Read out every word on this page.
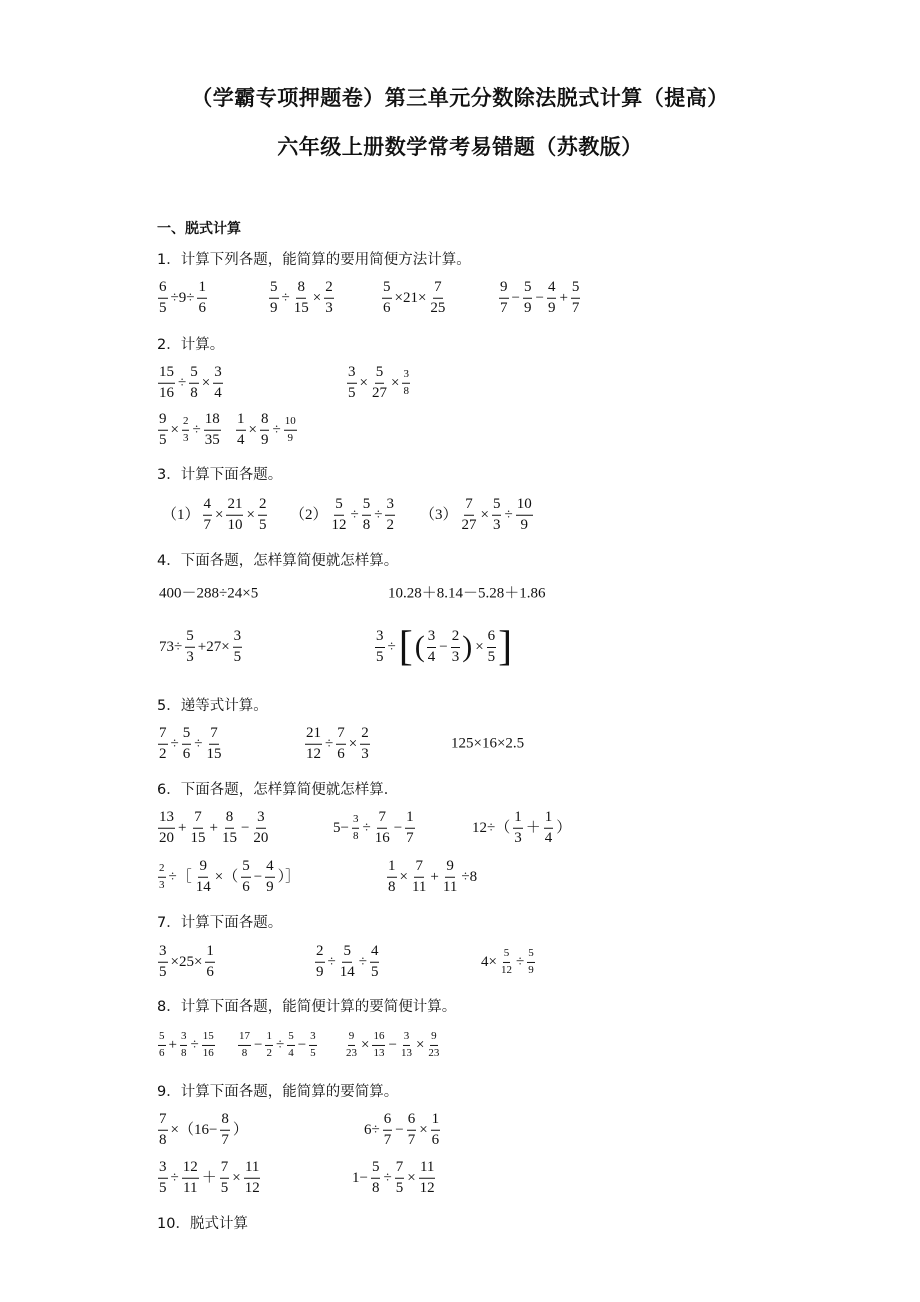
（学霸专项押题卷）第三单元分数除法脱式计算（提高）
六年级上册数学常考易错题（苏教版）
一、脱式计算
1．计算下列各题，能简算的要用简便方法计算。
2．计算。
3．计算下面各题。
4．下面各题，怎样算简便就怎样算。
5．递等式计算。
6．下面各题，怎样算简便就怎样算．
7．计算下面各题。
8．计算下面各题，能简便计算的要简便计算。
9．计算下面各题，能简算的要简算。
10．脱式计算
$\frac{6}{5} \div 9\div \frac{1}{6}$	$\frac{5}{9} \div \frac{8}{15} \times \frac{2}{3}$	$\frac{5}{6} \times 21\times \frac{7}{25}$	$\frac{9}{7} - \frac{5}{9} - \frac{4}{9} + \frac{5}{7}$
$\frac{15}{16} \div \frac{5}{8} \times \frac{3}{4}$	$\frac{3}{5} \times \frac{5}{27} \times \frac{3}{8}$
$\frac{9}{5} \times \frac{2}{3} \div \frac{18}{35} \frac{1}{4} \times \frac{8}{9} \div \frac{10}{9}$
$(1) \frac{4}{7} \times \frac{21}{10} \times \frac{2}{5} (2) \frac{5}{12} \div \frac{5}{8} \div \frac{3}{2} (3) \frac{7}{27} \times \frac{5}{3} \div \frac{10}{9}$
400－288÷24×5	10.28＋8.14－5.28＋1.86
$73\div \frac{5}{3} +27\times \frac{3}{5}$	$\frac{3}{5}$ ÷ [ ( $\frac{3}{4} - \frac{2}{3}$ ) × $\frac{6}{5}$ ]
$\frac{7}{2} \div \frac{5}{6} \div \frac{7}{15}$	$\frac{21}{12} \div \frac{7}{6} \times \frac{2}{3}$	125×16×2.5
$\frac{13}{20} + \frac{7}{15} + \frac{8}{15} - \frac{3}{20}$	$5- \frac{3}{8} \div \frac{7}{16} - \frac{1}{7}$	$12\div( \frac{1}{3} + \frac{1}{4}$ ）
$\frac{2}{3}$ ÷［ $\frac{9}{14}$ ×（ $\frac{5}{6} - \frac{4}{9}$ ）］	$\frac{1}{8} \times \frac{7}{11} + \frac{9}{11} \div 8$
$\frac{3}{5} \times 25\times \frac{1}{6}$	$\frac{2}{9} \div \frac{5}{14} \div \frac{4}{5}$	$4\times \frac{5}{12} \div \frac{5}{9}$
$\frac{5}{6} + \frac{3}{8} \div \frac{15}{16} \frac{17}{8} - \frac{1}{2} \div \frac{5}{4} - \frac{3}{5}$	$\frac{9}{23} \times \frac{16}{13} - \frac{3}{13} \times \frac{9}{23}$
$\frac{7}{8} \times(16- \frac{8}{7}$ ）	$6\div \frac{6}{7} - \frac{6}{7} \times \frac{1}{6}$
$\frac{3}{5} \div \frac{12}{11} + \frac{7}{5} \times \frac{11}{12}$	$1- \frac{5}{8} \div \frac{7}{5} \times \frac{11}{12}$
